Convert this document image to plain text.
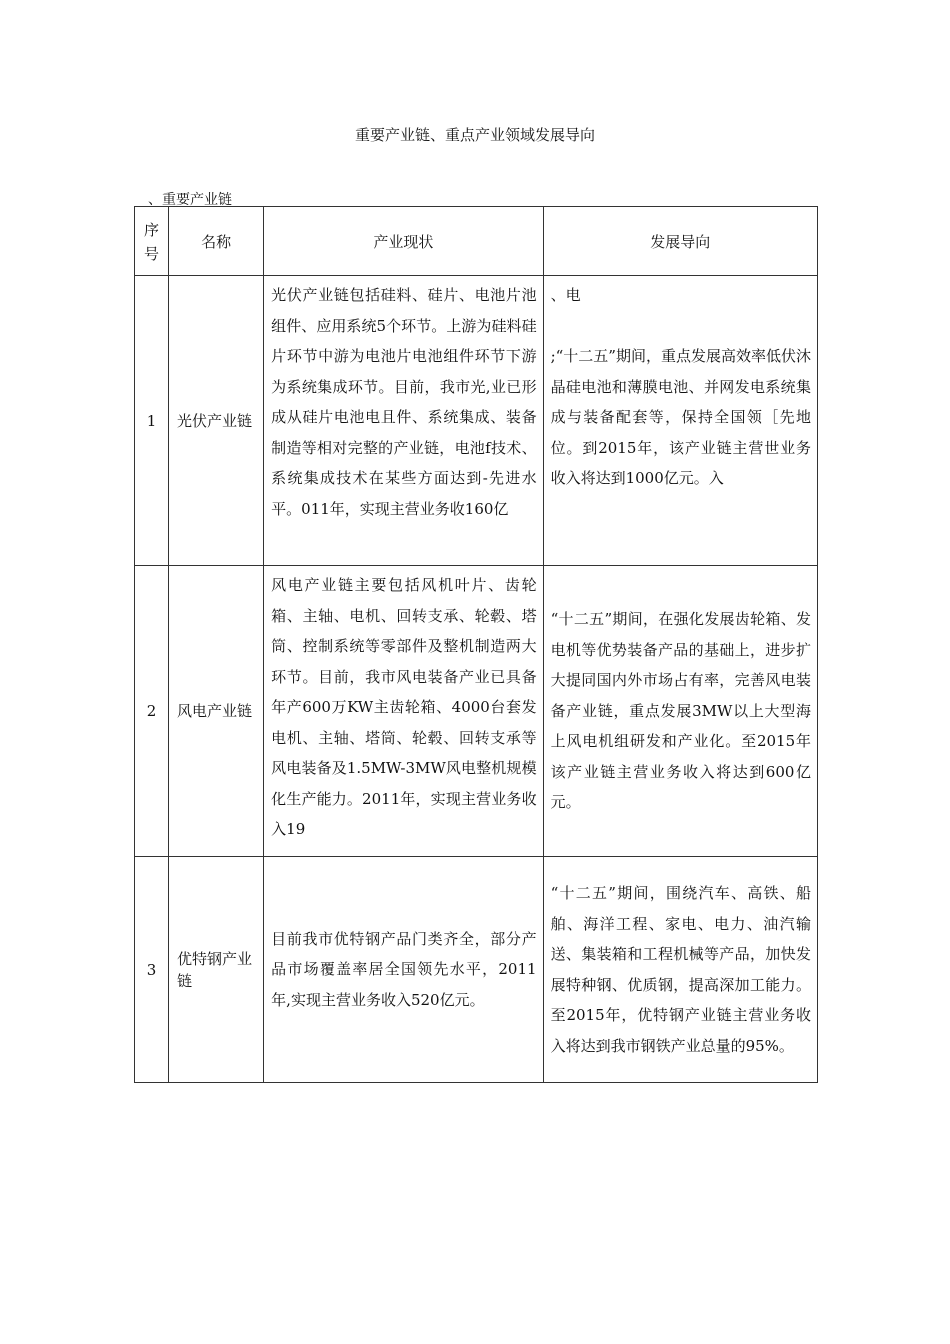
重要产业链、重点产业领域发展导向
、重要产业链
序
号	名称	产业现状	发展导向
1	光伏产业链	光伏产业链包括硅料、硅片、电池片池组件、应用系统5个环节。上游为硅料硅片环节中游为电池片电池组件环节下游为系统集成环节。目前，我市光,业已形成从硅片电池电且件、系统集成、装备制造等相对完整的产业链，电池f技术、系统集成技术在某些方面达到-先进水平。011年，实现主营业务收160亿	、电
;“十二五”期间，重点发展高效率低伏沐晶硅电池和薄膜电池、并网发电系统集成与装备配套等，保持全国领［先地位。到2015年，该产业链主营世业务收入将达到1000亿元。入
2	风电产业链	风电产业链主要包括风机叶片、齿轮箱、主轴、电机、回转支承、轮毂、塔筒、控制系统等零部件及整机制造两大环节。目前，我市风电装备产业已具备年产600万KW主齿轮箱、4000台套发电机、主轴、塔筒、轮毂、回转支承等风电装备及1.5MW-3MW风电整机规模化生产能力。2011年，实现主营业务收入19	“十二五”期间，在强化发展齿轮箱、发电机等优势装备产品的基础上，进步扩大提同国内外市场占有率，完善风电装备产业链，重点发展3MW以上大型海上风电机组研发和产业化。至2015年该产业链主营业务收入将达到600亿元。
3	优特钢产业链	目前我市优特钢产品门类齐全，部分产品市场覆盖率居全国领先水平，2011年,实现主营业务收入520亿元。	“十二五”期间，围绕汽车、高铁、船舶、海洋工程、家电、电力、油汽输送、集装箱和工程机械等产品，加快发展特种钢、优质钢，提高深加工能力。至2015年，优特钢产业链主营业务收入将达到我市钢铁产业总量的95%。
